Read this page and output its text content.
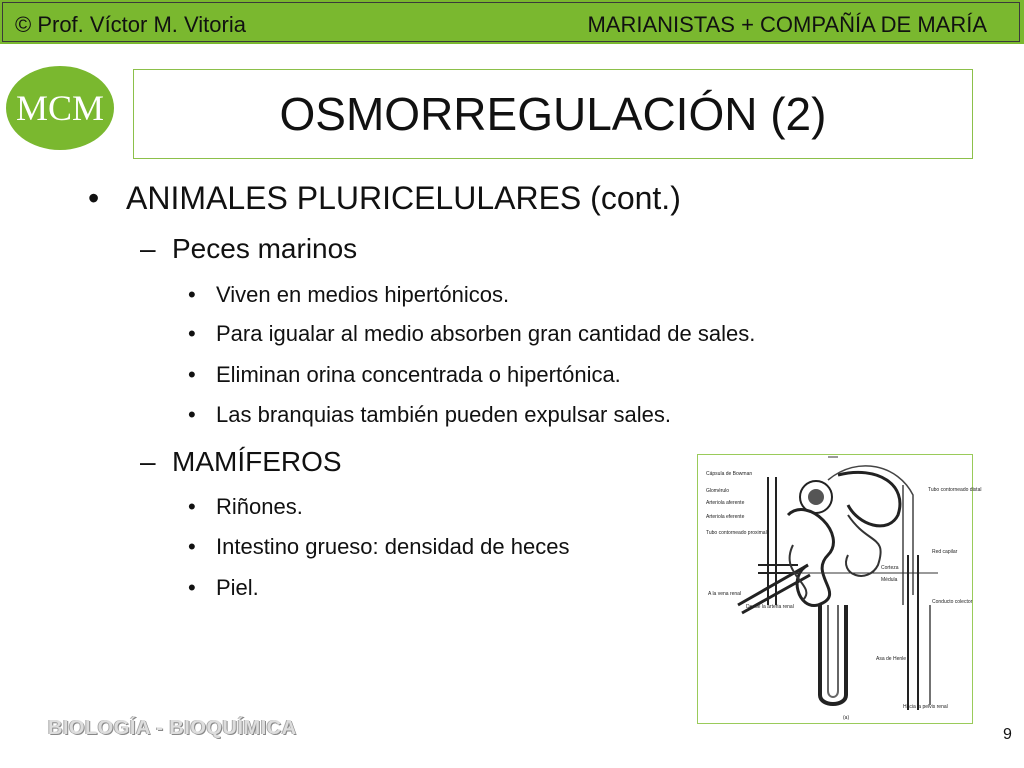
© Prof. Víctor M. Vitoria	MARIANISTAS + COMPAÑÍA DE MARÍA
MCM	OSMORREGULACIÓN (2)
• ANIMALES PLURICELULARES (cont.)
– Peces marinos
• Viven en medios hipertónicos.
• Para igualar al medio absorben gran cantidad de sales.
• Eliminan orina concentrada o hipertónica.
• Las branquias también pueden expulsar sales.
– MAMÍFEROS
• Riñones.
• Intestino grueso: densidad de heces
• Piel.
Cápsula de Bowman
Glomérulo
Arteriola aferente
Arteriola eferente
Tubo contorneado proximal
A la vena renal
Desde la arteria renal
Tubo contorneado distal
Red capilar
Corteza
Médula
Conducto colector
Asa de Henle
Hacia la pelvis renal
(a)
BIOLOGÍA - BIOQUÍMICA	9
